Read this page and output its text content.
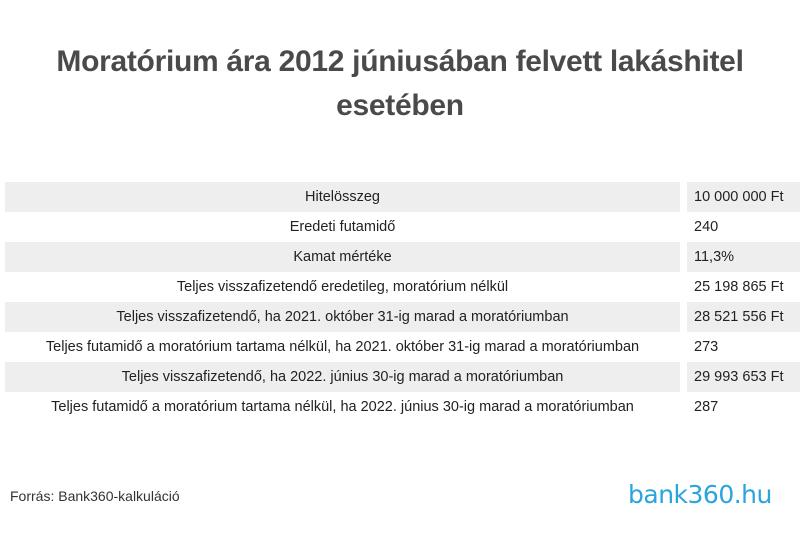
Moratórium ára 2012 júniusában felvett lakáshitel
esetében
Hitelösszeg	10 000 000 Ft
Eredeti futamidő	240
Kamat mértéke	11,3%
Teljes visszafizetendő eredetileg, moratórium nélkül	25 198 865 Ft
Teljes visszafizetendő, ha 2021. október 31-ig marad a moratóriumban	28 521 556 Ft
Teljes futamidő a moratórium tartama nélkül, ha 2021. október 31-ig marad a moratóriumban	273
Teljes visszafizetendő, ha 2022. június 30-ig marad a moratóriumban	29 993 653 Ft
Teljes futamidő a moratórium tartama nélkül, ha 2022. június 30-ig marad a moratóriumban	287
Forrás: Bank360-kalkuláció	bank360.hu
